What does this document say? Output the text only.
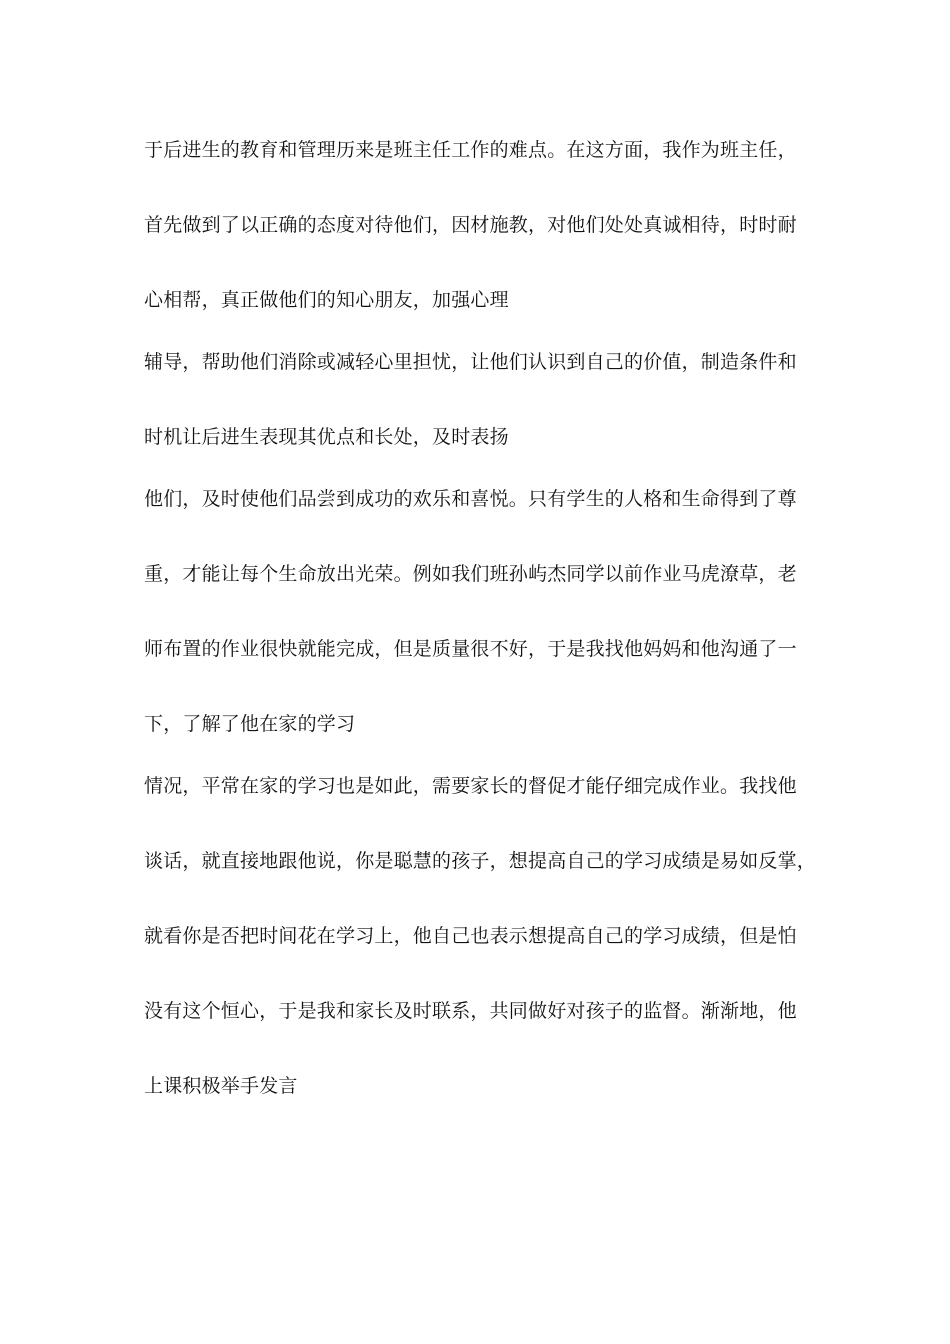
于后进生的教育和管理历来是班主任工作的难点。在这方面，我作为班主任，
首先做到了以正确的态度对待他们，因材施教，对他们处处真诚相待，时时耐
心相帮，真正做他们的知心朋友，加强心理
辅导，帮助他们消除或减轻心里担忧，让他们认识到自己的价值，制造条件和
时机让后进生表现其优点和长处，及时表扬
他们，及时使他们品尝到成功的欢乐和喜悦。只有学生的人格和生命得到了尊
重，才能让每个生命放出光荣。例如我们班孙屿杰同学以前作业马虎潦草，老
师布置的作业很快就能完成，但是质量很不好，于是我找他妈妈和他沟通了一
下，了解了他在家的学习
情况，平常在家的学习也是如此，需要家长的督促才能仔细完成作业。我找他
谈话，就直接地跟他说，你是聪慧的孩子，想提高自己的学习成绩是易如反掌，
就看你是否把时间花在学习上，他自己也表示想提高自己的学习成绩，但是怕
没有这个恒心，于是我和家长及时联系，共同做好对孩子的监督。渐渐地，他
上课积极举手发言
